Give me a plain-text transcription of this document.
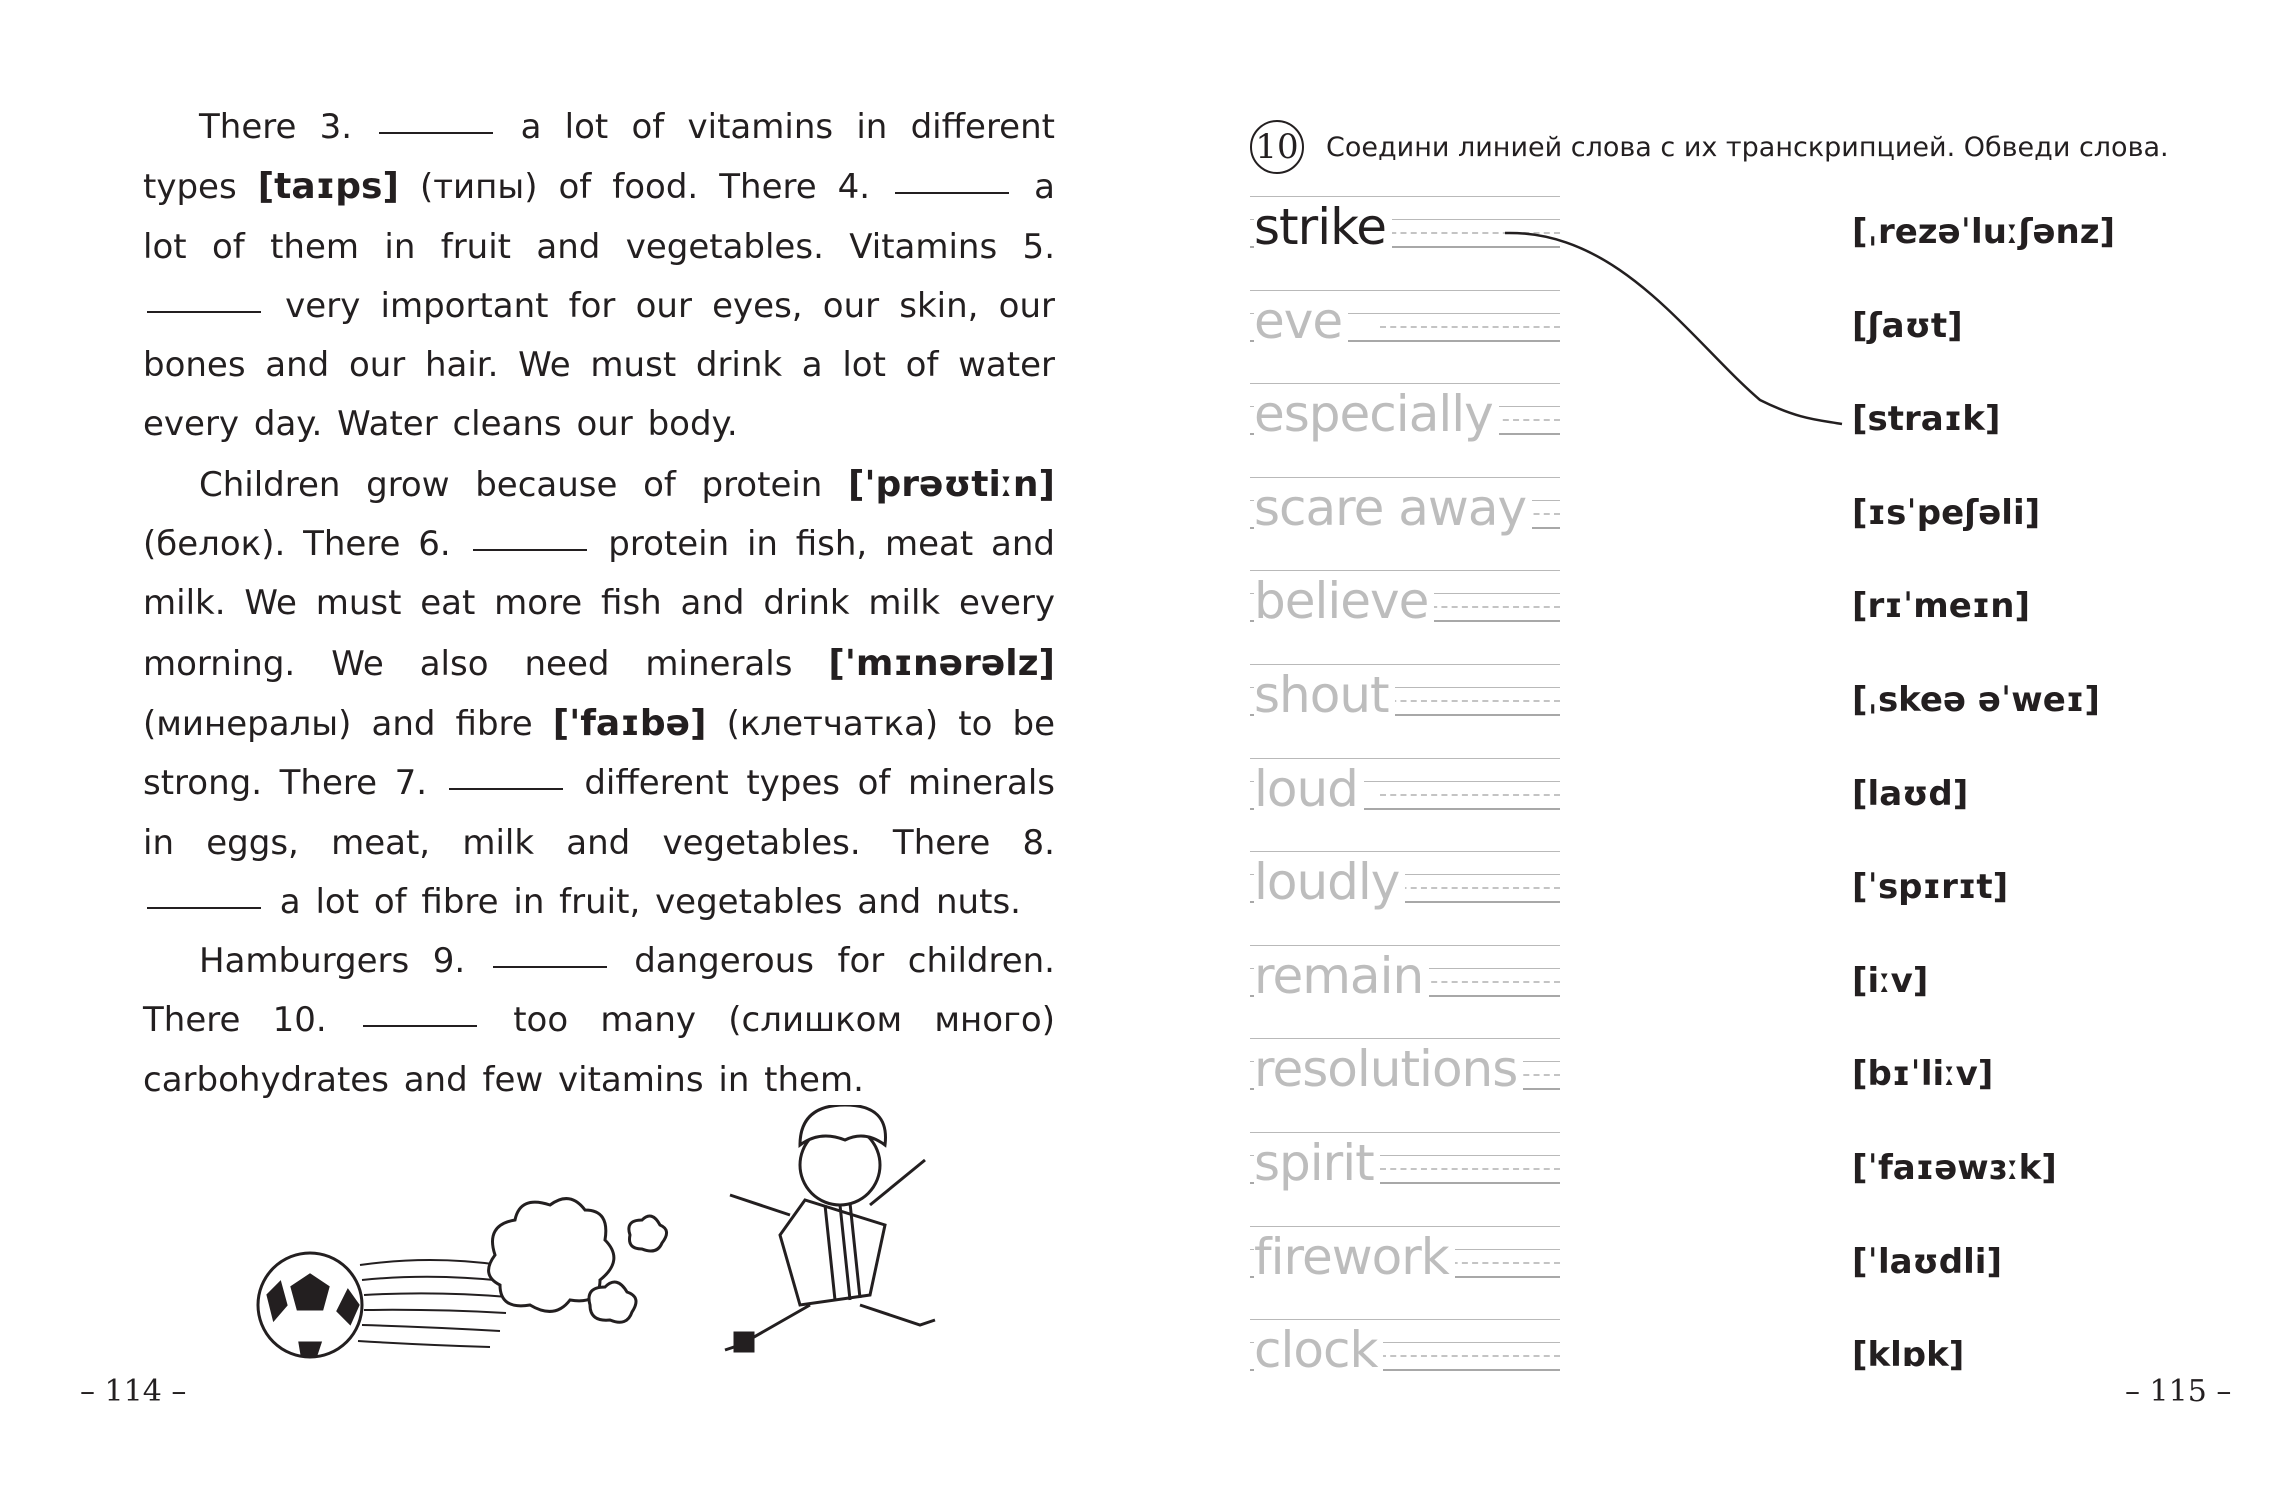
There 3.	a lot of vitamins in different types [taɪps] (типы) of food. There 4.	a lot of them in fruit and vegetables. Vitamins 5.  very important for our eyes, our skin, our bones and our hair. We must drink a lot of water every day. Water cleans our body.

Children grow because of protein ['prəʊtiːn] (белок). There 6.	protein in fish, meat and milk. We must eat more fish and drink milk every morning. We also need minerals ['mɪnərəlz] (минералы) and fibre ['faɪbə] (клетчатка) to be strong. There 7.	different types of minerals in eggs, meat, milk and vegetables. There 8.  a lot of fibre in fruit, vegetables and nuts.

Hamburgers 9.	dangerous for children. There 10.	too many (слишком много) carbohydrates and few vitamins in them.

– 114 –
10 Соедини линией слова с их транскрипцией. Обведи слова.
strike
eve
especially
scare away
believe
shout
loud
loudly
remain
resolutions
spirit
firework
clock
[ˌrezəˈluːʃənz]
[ʃaʊt]
[straɪk]
[ɪsˈpeʃəli]
[rɪˈmeɪn]
[ˌskeə əˈweɪ]
[laʊd]
[ˈspɪrɪt]
[iːv]
[bɪˈliːv]
[ˈfaɪəwɜːk]
[ˈlaʊdli]
[klɒk]
– 115 –
